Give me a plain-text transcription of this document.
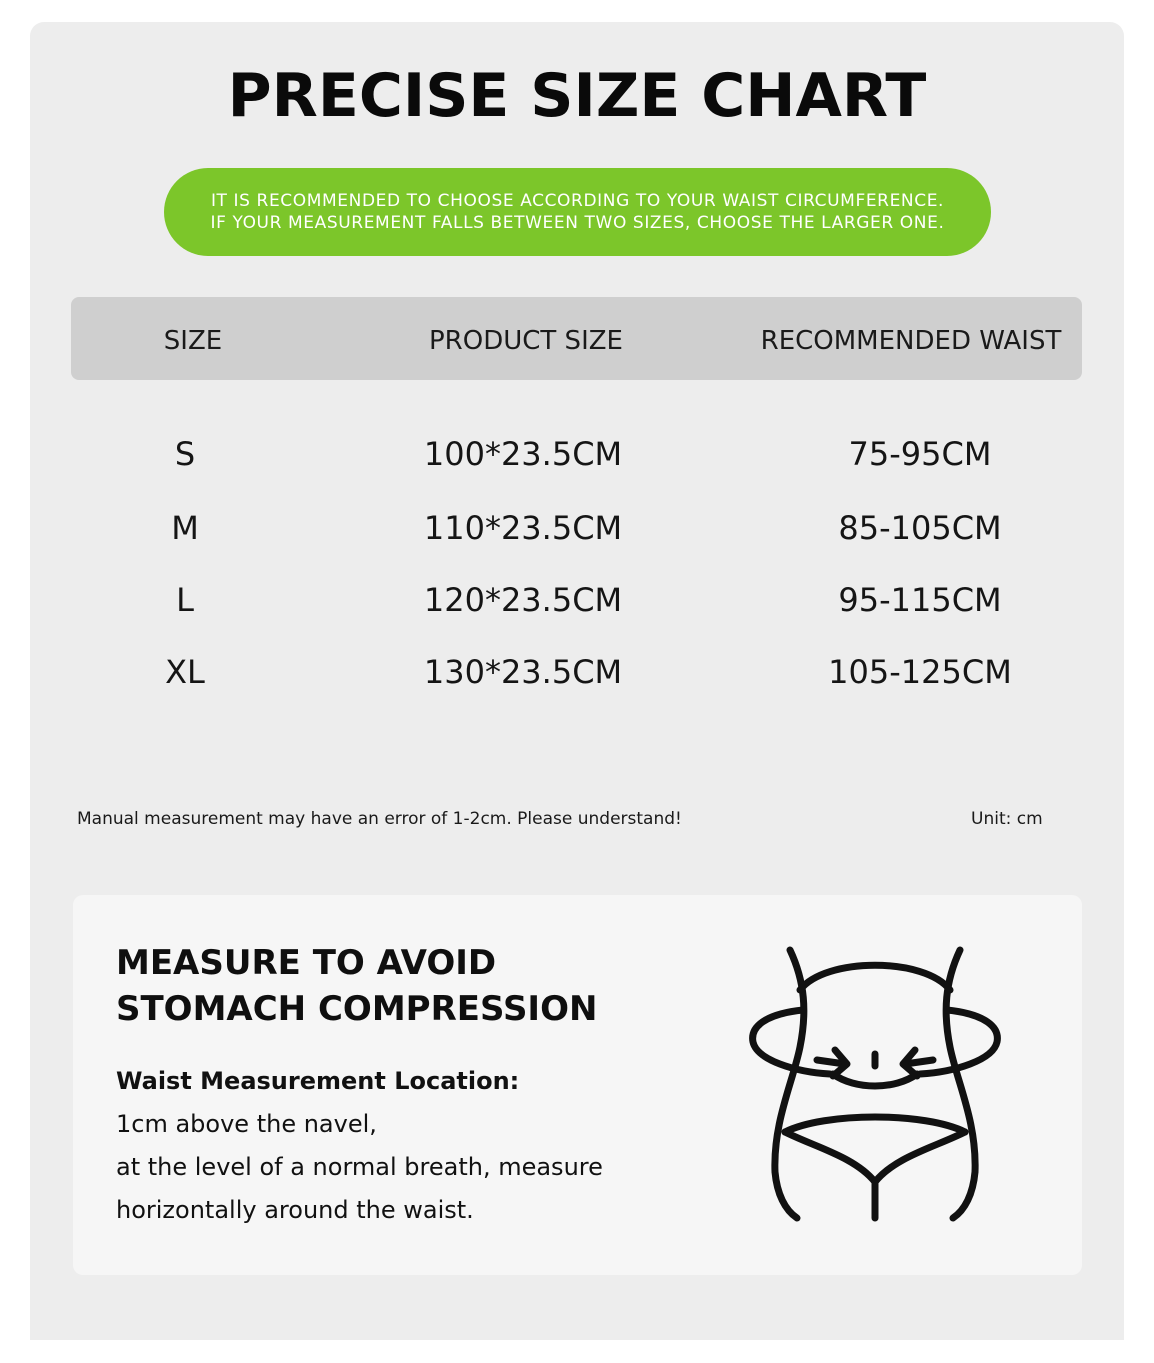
PRECISE SIZE CHART
IT IS RECOMMENDED TO CHOOSE ACCORDING TO YOUR WAIST CIRCUMFERENCE.
IF YOUR MEASUREMENT FALLS BETWEEN TWO SIZES, CHOOSE THE LARGER ONE.
SIZE	PRODUCT SIZE	RECOMMENDED WAIST
S	100*23.5CM	75-95CM
M	110*23.5CM	85-105CM
L	120*23.5CM	95-115CM
XL	130*23.5CM	105-125CM
Manual measurement may have an error of 1-2cm. Please understand!	Unit: cm
MEASURE TO AVOID
STOMACH COMPRESSION
Waist Measurement Location:
1cm above the navel,
at the level of a normal breath, measure
horizontally around the waist.
